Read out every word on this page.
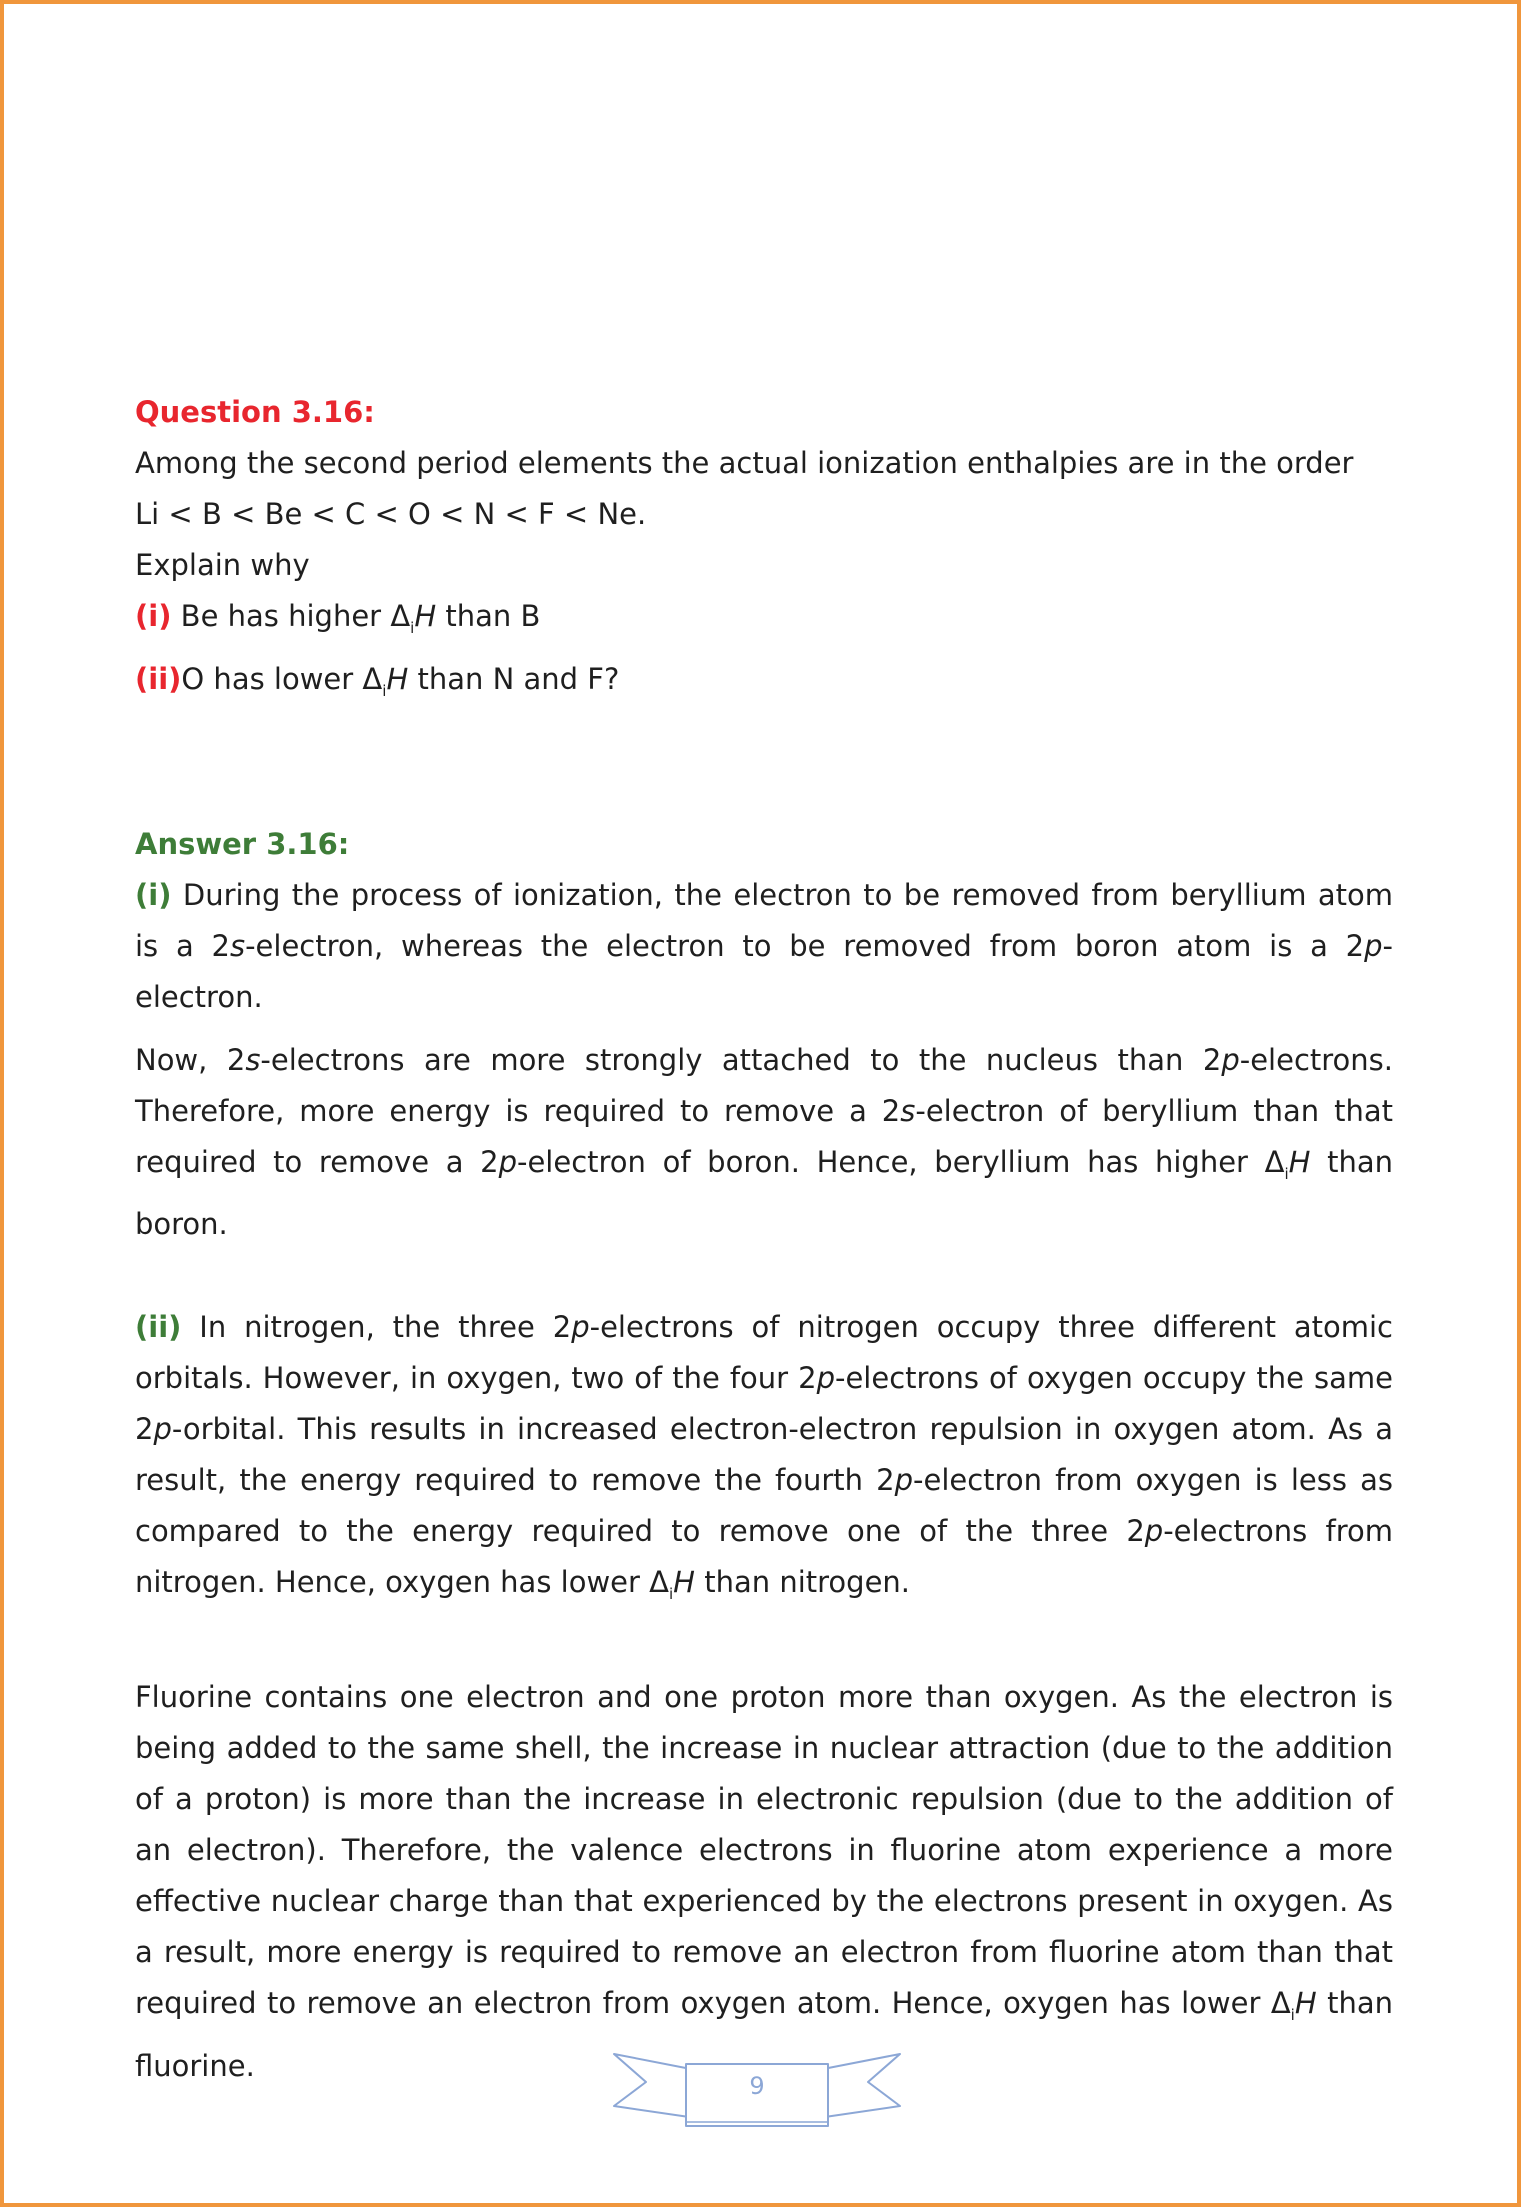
Question 3.16:

Among the second period elements the actual ionization enthalpies are in the order

Li < B < Be < C < O < N < F < Ne.

Explain why

(i) Be has higher $\Delta_iH$ than B

(ii)O has lower $\Delta_iH$ than N and F?

Answer 3.16:

(i) During the process of ionization, the electron to be removed from beryllium atom is a 2s-electron, whereas the electron to be removed from boron atom is a 2p-electron.

Now, 2s-electrons are more strongly attached to the nucleus than 2p-electrons. Therefore, more energy is required to remove a 2s-electron of beryllium than that required to remove a 2p-electron of boron. Hence, beryllium has higher $\Delta_iH$ than boron.

(ii) In nitrogen, the three 2p-electrons of nitrogen occupy three different atomic orbitals. However, in oxygen, two of the four 2p-electrons of oxygen occupy the same 2p-orbital. This results in increased electron-electron repulsion in oxygen atom. As a result, the energy required to remove the fourth 2p-electron from oxygen is less as compared to the energy required to remove one of the three 2p-electrons from nitrogen. Hence, oxygen has lower $\Delta_iH$ than nitrogen.

Fluorine contains one electron and one proton more than oxygen. As the electron is being added to the same shell, the increase in nuclear attraction (due to the addition of a proton) is more than the increase in electronic repulsion (due to the addition of an electron). Therefore, the valence electrons in fluorine atom experience a more effective nuclear charge than that experienced by the electrons present in oxygen. As a result, more energy is required to remove an electron from fluorine atom than that required to remove an electron from oxygen atom. Hence, oxygen has lower $\Delta_iH$ than fluorine.

9
